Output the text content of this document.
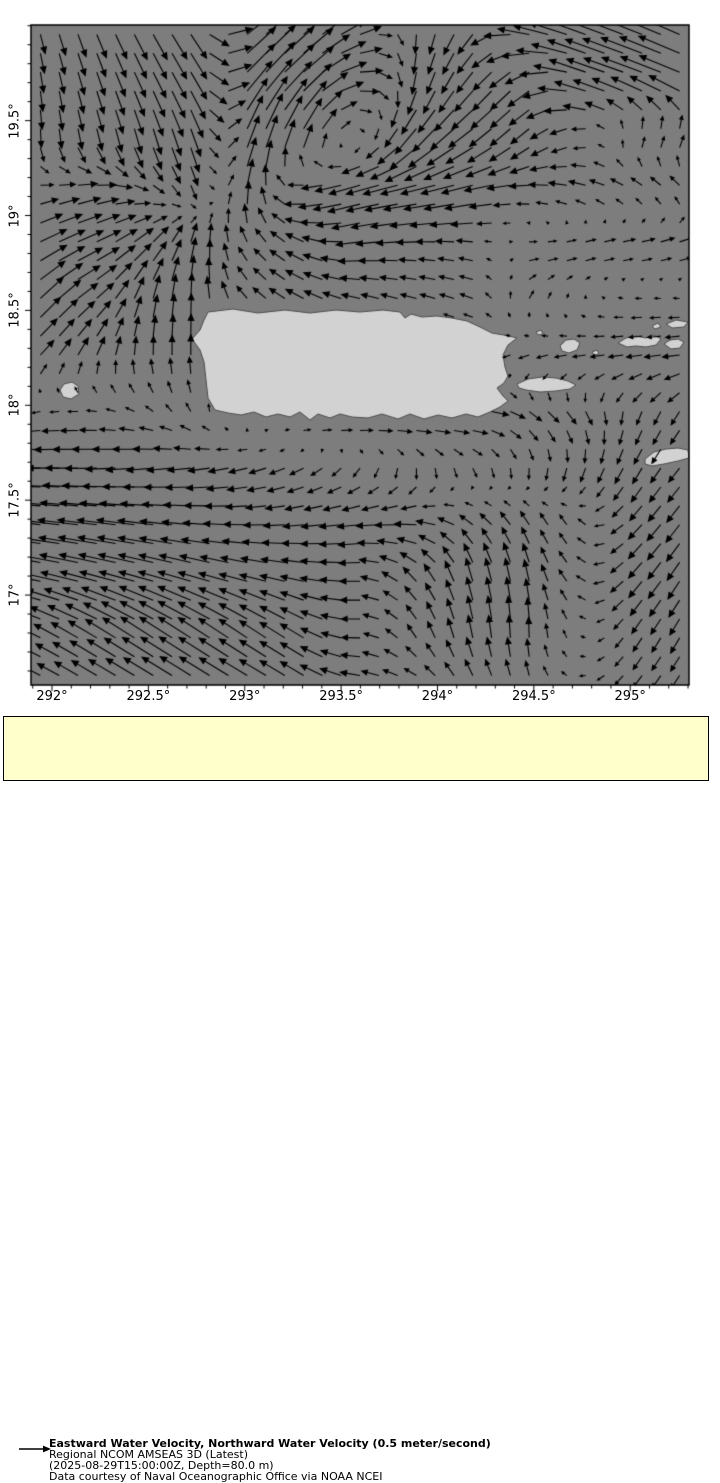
292°	292.5°	293°	293.5°	294°	294.5°	295°
17°
17.5°
18°
18.5°
19°
19.5°
Eastward Water Velocity, Northward Water Velocity (0.5 meter/second)
Regional NCOM AMSEAS 3D (Latest)
(2025-08-29T15:00:00Z, Depth=80.0 m)
Data courtesy of Naval Oceanographic Office via NOAA NCEI
